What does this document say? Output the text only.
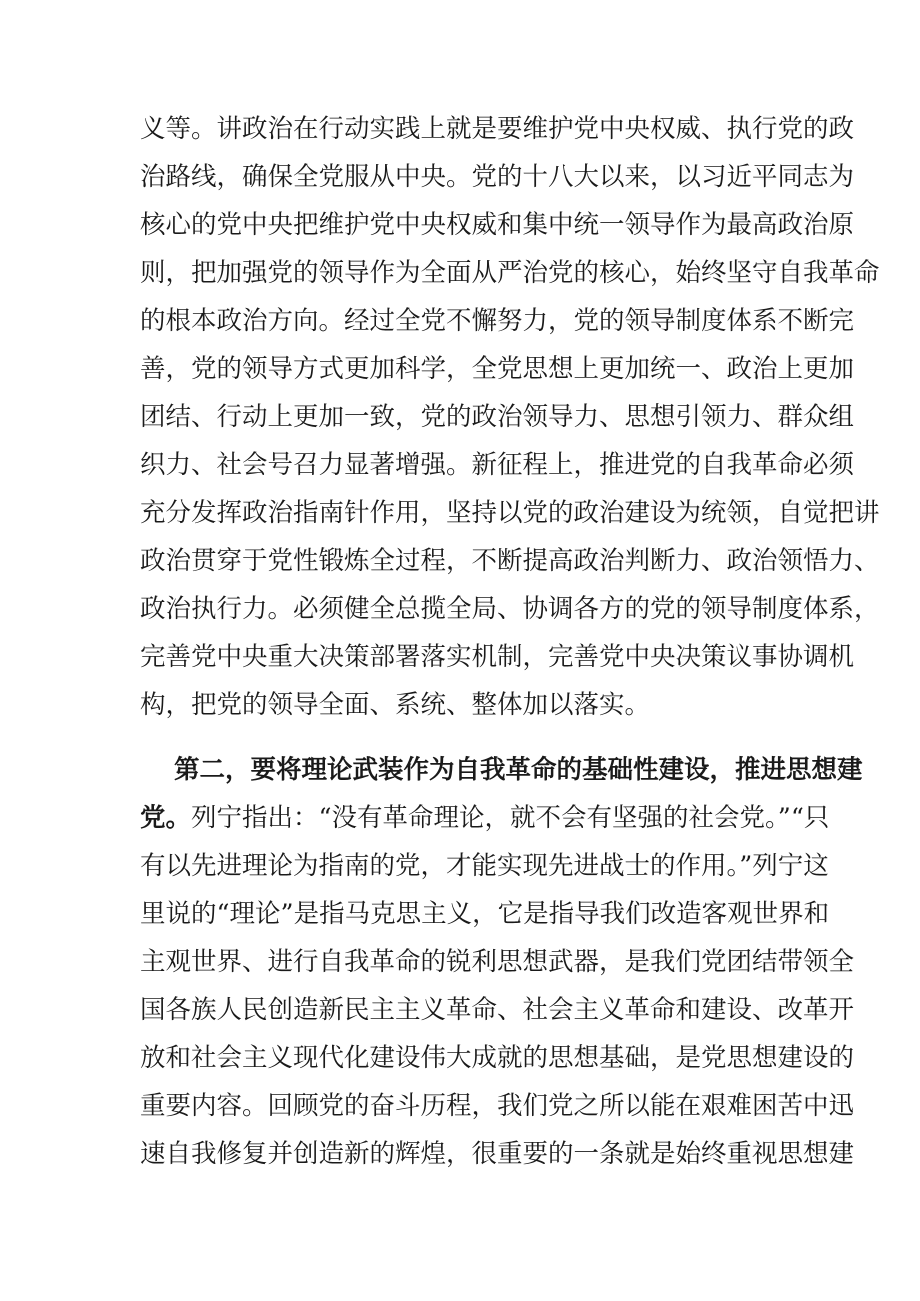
义等。讲政治在行动实践上就是要维护党中央权威、执行党的政
治路线，确保全党服从中央。党的十八大以来，以习近平同志为
核心的党中央把维护党中央权威和集中统一领导作为最高政治原
则，把加强党的领导作为全面从严治党的核心，始终坚守自我革命
的根本政治方向。经过全党不懈努力，党的领导制度体系不断完
善，党的领导方式更加科学，全党思想上更加统一、政治上更加
团结、行动上更加一致，党的政治领导力、思想引领力、群众组
织力、社会号召力显著增强。新征程上，推进党的自我革命必须
充分发挥政治指南针作用，坚持以党的政治建设为统领，自觉把讲
政治贯穿于党性锻炼全过程，不断提高政治判断力、政治领悟力、
政治执行力。必须健全总揽全局、协调各方的党的领导制度体系，
完善党中央重大决策部署落实机制，完善党中央决策议事协调机
构，把党的领导全面、系统、整体加以落实。
第二，要将理论武装作为自我革命的基础性建设，推进思想建
党。列宁指出：“没有革命理论，就不会有坚强的社会党。”“只
有以先进理论为指南的党，才能实现先进战士的作用。”列宁这
里说的“理论”是指马克思主义，它是指导我们改造客观世界和
主观世界、进行自我革命的锐利思想武器，是我们党团结带领全
国各族人民创造新民主主义革命、社会主义革命和建设、改革开
放和社会主义现代化建设伟大成就的思想基础，是党思想建设的
重要内容。回顾党的奋斗历程，我们党之所以能在艰难困苦中迅
速自我修复并创造新的辉煌，很重要的一条就是始终重视思想建
